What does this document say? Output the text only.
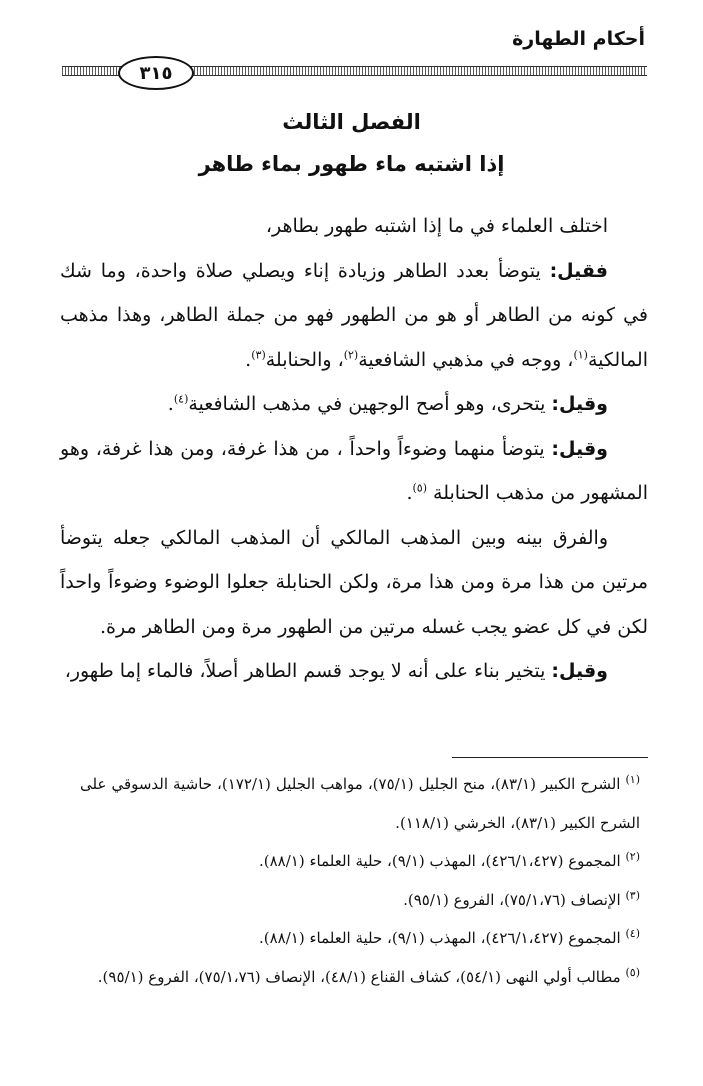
أحكام الطهارة
٣١٥
الفصل الثالث
إذا اشتبه ماء طهور بماء طاهر

اختلف العلماء في ما إذا اشتبه طهور بطاهر،

فقيل: يتوضأ بعدد الطاهر وزيادة إناء ويصلي صلاة واحدة، وما شك في كونه من الطاهر أو هو من الطهور فهو من جملة الطاهر، وهذا مذهب المالكية$^{(١)}$، ووجه في مذهبي الشافعية$^{(٢)}$، والحنابلة$^{(٣)}$.

وقيل: يتحرى، وهو أصح الوجهين في مذهب الشافعية$^{(٤)}$.

وقيل: يتوضأ منهما وضوءاً واحداً ، من هذا غرفة، ومن هذا غرفة، وهو المشهور من مذهب الحنابلة $^{(٥)}$.

والفرق بينه وبين المذهب المالكي أن المذهب المالكي جعله يتوضأ مرتين من هذا مرة ومن هذا مرة، ولكن الحنابلة جعلوا الوضوء وضوءاً واحداً لكن في كل عضو يجب غسله مرتين من الطهور مرة ومن الطاهر مرة.

وقيل: يتخير بناء على أنه لا يوجد قسم الطاهر أصلاً، فالماء إما طهور،

$^{(١)}$ الشرح الكبير (٨٣/١)، منح الجليل (٧٥/١)، مواهب الجليل (١٧٢/١)، حاشية الدسوقي على الشرح الكبير (٨٣/١)، الخرشي (١١٨/١).

$^{(٢)}$ المجموع (٤٢٦/١،٤٢٧)، المهذب (٩/١)، حلية العلماء (٨٨/١).

$^{(٣)}$ الإنصاف (٧٥/١،٧٦)، الفروع (٩٥/١).

$^{(٤)}$ المجموع (٤٢٦/١،٤٢٧)، المهذب (٩/١)، حلية العلماء (٨٨/١).

$^{(٥)}$ مطالب أولي النهى (٥٤/١)، كشاف القناع (٤٨/١)، الإنصاف (٧٥/١،٧٦)، الفروع (٩٥/١).
